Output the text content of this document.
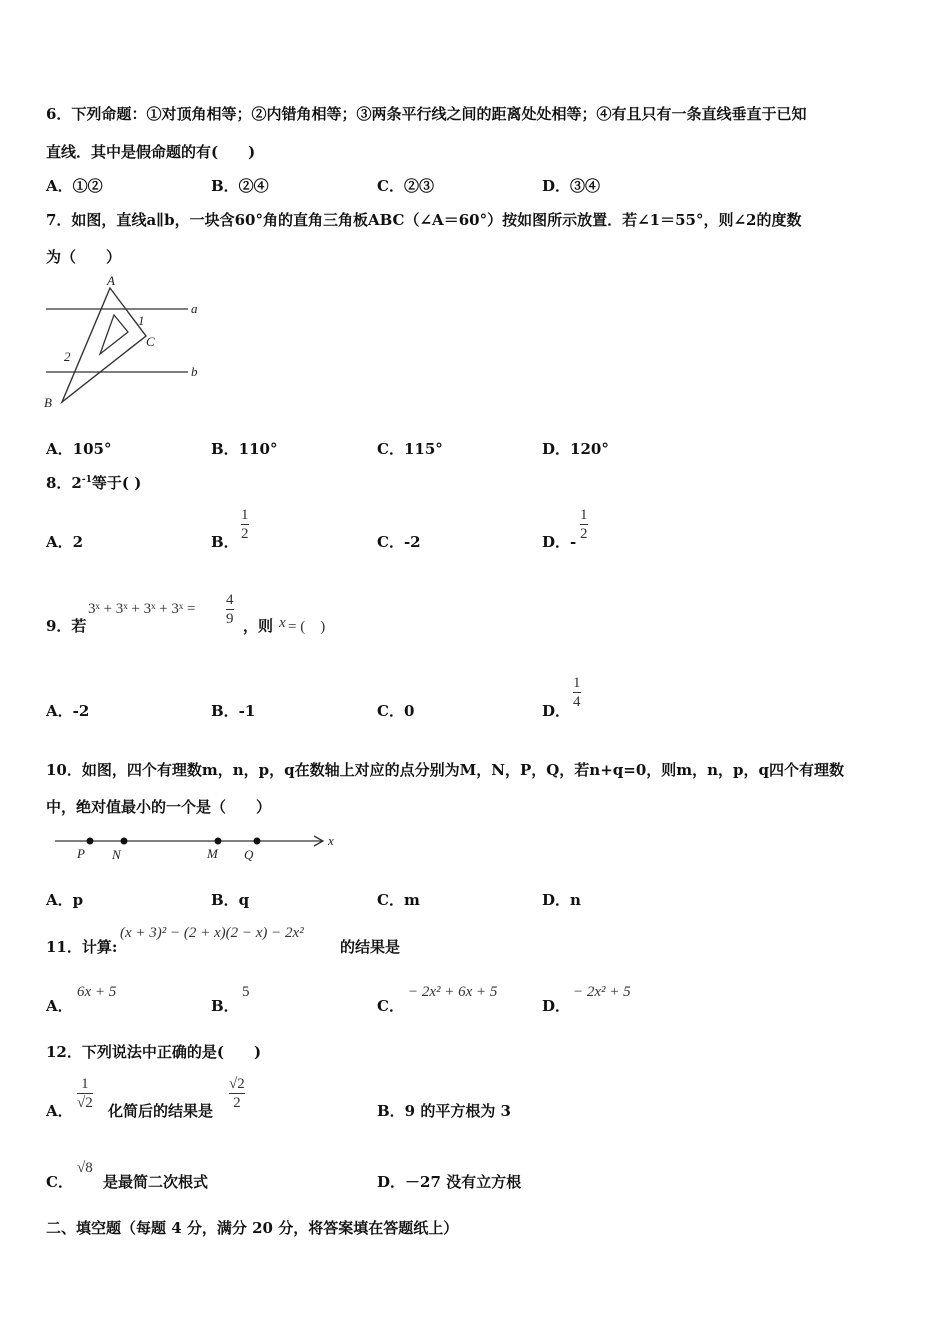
6．下列命题：①对顶角相等；②内错角相等；③两条平行线之间的距离处处相等；④有且只有一条直线垂直于已知
直线．其中是假命题的有(　　)
A．①②	B．②④	C．②③	D．③④
7．如图，直线a∥b，一块含60°角的直角三角板ABC（∠A＝60°）按如图所示放置．若∠1＝55°，则∠2的度数
为（　　）
A
1
C
2
B
a
b
A．105°	B．110°	C．115°	D．120°
8．$2^{-1}$等于( )
A．2	B．
1
2	C．-2	D．-
1
2
9．若
3ˣ + 3ˣ + 3ˣ + 3ˣ =
4
9 ，则 x = (　)
A．-2	B．-1	C．0	D．
1
4
10．如图，四个有理数m，n，p，q在数轴上对应的点分别为M，N，P，Q，若n+q=0，则m，n，p，q四个有理数
中，绝对值最小的一个是（　　）
P N	M Q
x
A．p	B．q	C．m	D．n
11．计算:
(x + 3)² − (2 + x)(2 − x) − 2x²
的结果是
A．
6x + 5
B．
5
C．
− 2x² + 6x + 5
D．
− 2x² + 5
12．下列说法中正确的是(　　)
A．
1
√2 化简后的结果是
√2
2	B．9 的平方根为 3
C．
√8
是最简二次根式	D．－27 没有立方根
二、填空题（每题 4 分，满分 20 分，将答案填在答题纸上）
